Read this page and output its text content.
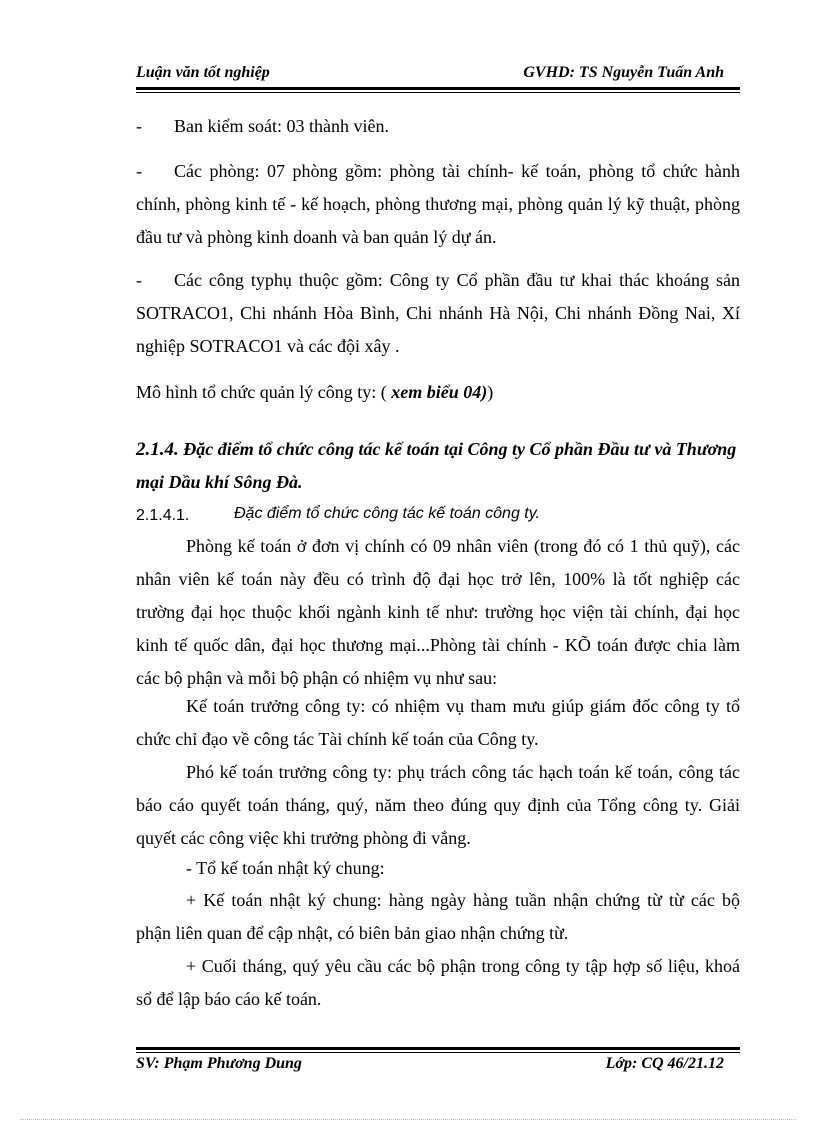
Luận văn tốt nghiệp	GVHD: TS Nguyễn Tuấn Anh

- Ban kiểm soát: 03 thành viên.

- Các phòng: 07 phòng gồm: phòng tài chính- kế toán, phòng tổ chức hành chính, phòng kinh tế - kế hoạch, phòng thương mại, phòng quản lý kỹ thuật, phòng đầu tư và phòng kinh doanh và ban quản lý dự án.

- Các công typhụ thuộc gồm: Công ty Cổ phần đầu tư khai thác khoáng sản SOTRACO1, Chi nhánh Hòa Bình, Chi nhánh Hà Nội, Chi nhánh Đồng Nai, Xí nghiệp SOTRACO1 và các đội xây .

Mô hình tổ chức quản lý công ty: ( xem biểu 04))

2.1.4. Đặc điểm tổ chức công tác kế toán tại Công ty Cổ phần Đầu tư và Thương mại Dầu khí Sông Đà.

2.1.4.1.	Đặc điểm tổ chức công tác kế toán công ty.

Phòng kế toán ở đơn vị chính có 09 nhân viên (trong đó có 1 thủ quỹ), các nhân viên kế toán này đều có trình độ đại học trở lên, 100% là tốt nghiệp các trường đại học thuộc khối ngành kinh tế như: trường học viện tài chính, đại học kinh tế quốc dân, đại học thương mại...Phòng tài chính - KÕ toán được chia làm các bộ phận và mỗi bộ phận có nhiệm vụ như sau:

Kế toán trưởng công ty: có nhiệm vụ tham mưu giúp giám đốc công ty tổ chức chỉ đạo về công tác Tài chính kế toán của Công ty.

Phó kế toán trưởng công ty: phụ trách công tác hạch toán kế toán, công tác báo cáo quyết toán tháng, quý, năm theo đúng quy định của Tổng công ty. Giải quyết các công việc khi trưởng phòng đi vắng.

- Tổ kế toán nhật ký chung:

+ Kế toán nhật ký chung: hàng ngày hàng tuần nhận chứng từ từ các bộ phận liên quan để cập nhật, có biên bản giao nhận chứng từ.

+ Cuối tháng, quý yêu cầu các bộ phận trong công ty tập hợp số liệu, khoá sổ để lập báo cáo kế toán.

SV: Phạm Phương Dung	Lớp: CQ 46/21.12
